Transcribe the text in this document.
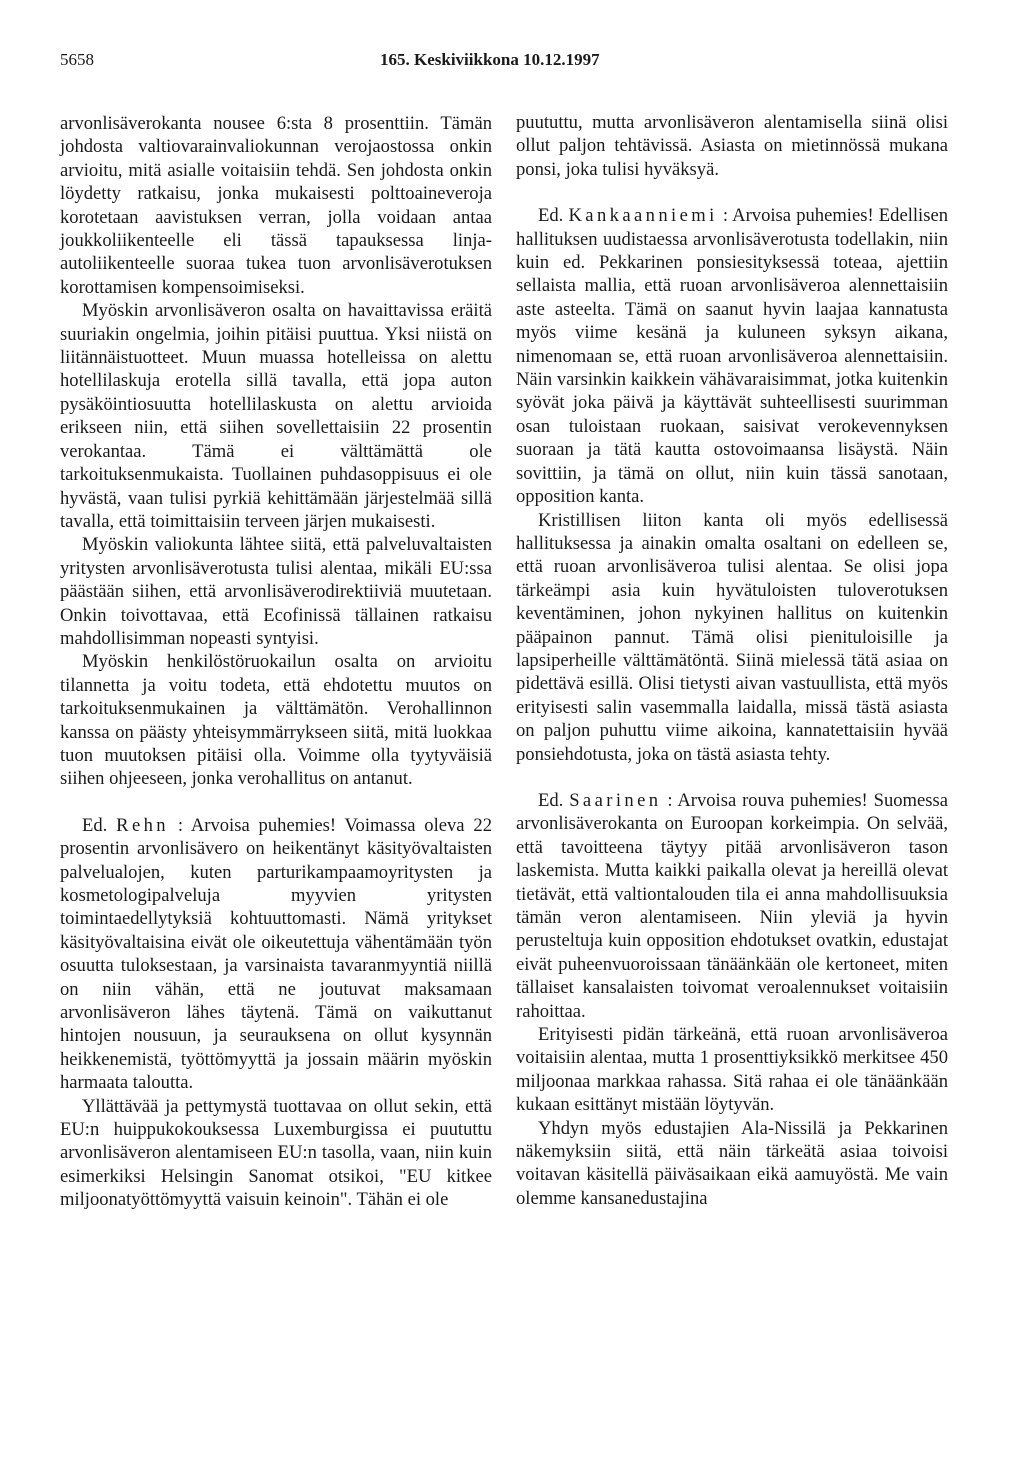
5658	165. Keskiviikkona 10.12.1997

arvonlisäverokanta nousee 6:sta 8 prosenttiin. Tämän johdosta valtiovarainvaliokunnan verojaostossa onkin arvioitu, mitä asialle voitaisiin tehdä. Sen johdosta onkin löydetty ratkaisu, jonka mukaisesti polttoaineveroja korotetaan aavistuksen verran, jolla voidaan antaa joukkoliikenteelle eli tässä tapauksessa linja-autoliikenteelle suoraa tukea tuon arvonlisäverotuksen korottamisen kompensoimiseksi.

Myöskin arvonlisäveron osalta on havaittavissa eräitä suuriakin ongelmia, joihin pitäisi puuttua. Yksi niistä on liitännäistuotteet. Muun muassa hotelleissa on alettu hotellilaskuja erotella sillä tavalla, että jopa auton pysäköintiosuutta hotellilaskusta on alettu arvioida erikseen niin, että siihen sovellettaisiin 22 prosentin verokantaa. Tämä ei välttämättä ole tarkoituksenmukaista. Tuollainen puhdasoppisuus ei ole hyvästä, vaan tulisi pyrkiä kehittämään järjestelmää sillä tavalla, että toimittaisiin terveen järjen mukaisesti.

Myöskin valiokunta lähtee siitä, että palveluvaltaisten yritysten arvonlisäverotusta tulisi alentaa, mikäli EU:ssa päästään siihen, että arvonlisäverodirektiiviä muutetaan. Onkin toivottavaa, että Ecofinissä tällainen ratkaisu mahdollisimman nopeasti syntyisi.

Myöskin henkilöstöruokailun osalta on arvioitu tilannetta ja voitu todeta, että ehdotettu muutos on tarkoituksenmukainen ja välttämätön. Verohallinnon kanssa on päästy yhteisymmärrykseen siitä, mitä luokkaa tuon muutoksen pitäisi olla. Voimme olla tyytyväisiä siihen ohjeeseen, jonka verohallitus on antanut.

Ed. Rehn : Arvoisa puhemies! Voimassa oleva 22 prosentin arvonlisävero on heikentänyt käsityövaltaisten palvelualojen, kuten parturikampaamoyritysten ja kosmetologipalveluja myyvien yritysten toimintaedellytyksiä kohtuuttomasti. Nämä yritykset käsityövaltaisina eivät ole oikeutettuja vähentämään työn osuutta tuloksestaan, ja varsinaista tavaranmyyntiä niillä on niin vähän, että ne joutuvat maksamaan arvonlisäveron lähes täytenä. Tämä on vaikuttanut hintojen nousuun, ja seurauksena on ollut kysynnän heikkenemistä, työttömyyttä ja jossain määrin myöskin harmaata taloutta.

Yllättävää ja pettymystä tuottavaa on ollut sekin, että EU:n huippukokouksessa Luxemburgissa ei puututtu arvonlisäveron alentamiseen EU:n tasolla, vaan, niin kuin esimerkiksi Helsingin Sanomat otsikoi, "EU kitkee miljoonatyöttömyyttä vaisuin keinoin". Tähän ei ole

puututtu, mutta arvonlisäveron alentamisella siinä olisi ollut paljon tehtävissä. Asiasta on mietinnössä mukana ponsi, joka tulisi hyväksyä.

Ed. Kankaanniemi : Arvoisa puhemies! Edellisen hallituksen uudistaessa arvonlisäverotusta todellakin, niin kuin ed. Pekkarinen ponsiesityksessä toteaa, ajettiin sellaista mallia, että ruoan arvonlisäveroa alennettaisiin aste asteelta. Tämä on saanut hyvin laajaa kannatusta myös viime kesänä ja kuluneen syksyn aikana, nimenomaan se, että ruoan arvonlisäveroa alennettaisiin. Näin varsinkin kaikkein vähävaraisimmat, jotka kuitenkin syövät joka päivä ja käyttävät suhteellisesti suurimman osan tuloistaan ruokaan, saisivat verokevennyksen suoraan ja tätä kautta ostovoimaansa lisäystä. Näin sovittiin, ja tämä on ollut, niin kuin tässä sanotaan, opposition kanta.

Kristillisen liiton kanta oli myös edellisessä hallituksessa ja ainakin omalta osaltani on edelleen se, että ruoan arvonlisäveroa tulisi alentaa. Se olisi jopa tärkeämpi asia kuin hyvätuloisten tuloverotuksen keventäminen, johon nykyinen hallitus on kuitenkin pääpainon pannut. Tämä olisi pienituloisille ja lapsiperheille välttämätöntä. Siinä mielessä tätä asiaa on pidettävä esillä. Olisi tietysti aivan vastuullista, että myös erityisesti salin vasemmalla laidalla, missä tästä asiasta on paljon puhuttu viime aikoina, kannatettaisiin hyvää ponsiehdotusta, joka on tästä asiasta tehty.

Ed. Saarinen : Arvoisa rouva puhemies! Suomessa arvonlisäverokanta on Euroopan korkeimpia. On selvää, että tavoitteena täytyy pitää arvonlisäveron tason laskemista. Mutta kaikki paikalla olevat ja hereillä olevat tietävät, että valtiontalouden tila ei anna mahdollisuuksia tämän veron alentamiseen. Niin yleviä ja hyvin perusteltuja kuin opposition ehdotukset ovatkin, edustajat eivät puheenvuoroissaan tänäänkään ole kertoneet, miten tällaiset kansalaisten toivomat veroalennukset voitaisiin rahoittaa.

Erityisesti pidän tärkeänä, että ruoan arvonlisäveroa voitaisiin alentaa, mutta 1 prosenttiyksikkö merkitsee 450 miljoonaa markkaa rahassa. Sitä rahaa ei ole tänäänkään kukaan esittänyt mistään löytyvän.

Yhdyn myös edustajien Ala-Nissilä ja Pekkarinen näkemyksiin siitä, että näin tärkeätä asiaa toivoisi voitavan käsitellä päiväsaikaan eikä aamuyöstä. Me vain olemme kansanedustajina
